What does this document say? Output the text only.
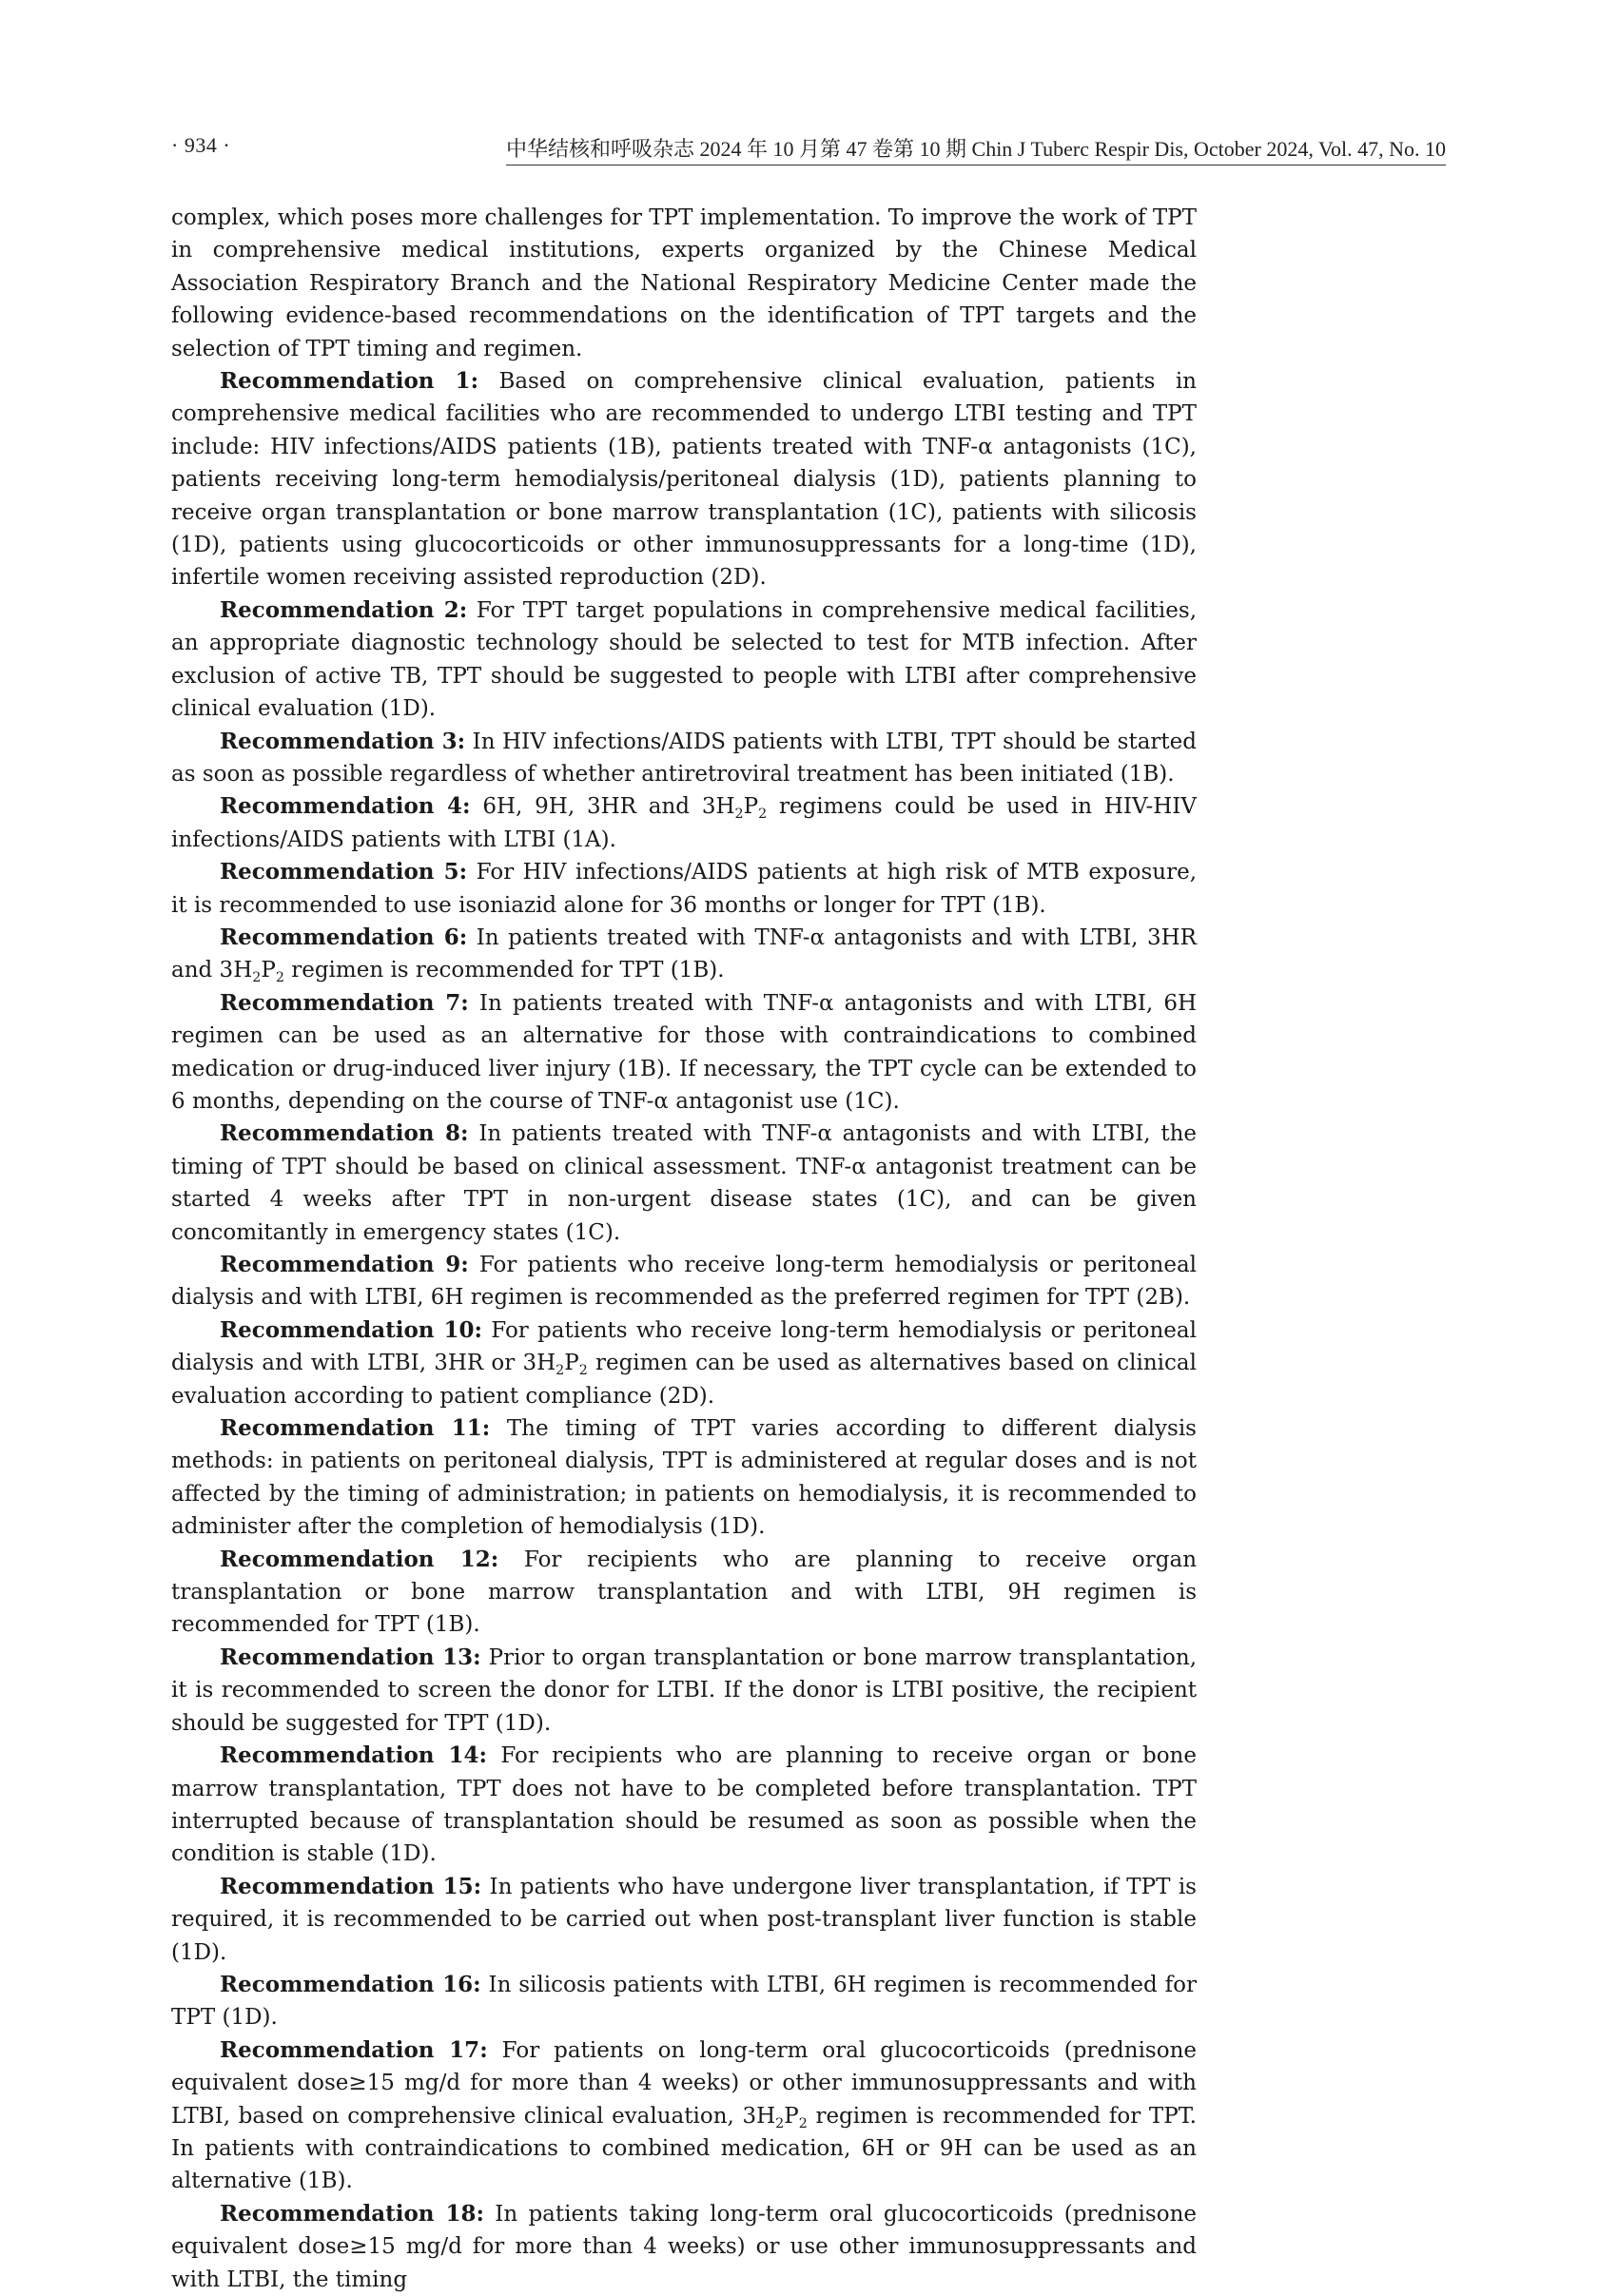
· 934 ·	中华结核和呼吸杂志 2024 年 10 月第 47 卷第 10 期 Chin J Tuberc Respir Dis, October 2024, Vol. 47, No. 10

complex, which poses more challenges for TPT implementation. To improve the work of TPT in comprehensive medical institutions, experts organized by the Chinese Medical Association Respiratory Branch and the National Respiratory Medicine Center made the following evidence-based recommendations on the identification of TPT targets and the selection of TPT timing and regimen.

Recommendation 1: Based on comprehensive clinical evaluation, patients in comprehensive medical facilities who are recommended to undergo LTBI testing and TPT include: HIV infections/AIDS patients (1B), patients treated with TNF-α antagonists (1C), patients receiving long-term hemodialysis/peritoneal dialysis (1D), patients planning to receive organ transplantation or bone marrow transplantation (1C), patients with silicosis (1D), patients using glucocorticoids or other immunosuppressants for a long-time (1D), infertile women receiving assisted reproduction (2D).

Recommendation 2: For TPT target populations in comprehensive medical facilities, an appropriate diagnostic technology should be selected to test for MTB infection. After exclusion of active TB, TPT should be suggested to people with LTBI after comprehensive clinical evaluation (1D).

Recommendation 3: In HIV infections/AIDS patients with LTBI, TPT should be started as soon as possible regardless of whether antiretroviral treatment has been initiated (1B).

Recommendation 4: 6H, 9H, 3HR and $3H_2P_2$ regimens could be used in HIV-HIV infections/AIDS patients with LTBI (1A).

Recommendation 5: For HIV infections/AIDS patients at high risk of MTB exposure, it is recommended to use isoniazid alone for 36 months or longer for TPT (1B).

Recommendation 6: In patients treated with TNF-α antagonists and with LTBI, 3HR and $3H_2P_2$ regimen is recommended for TPT (1B).

Recommendation 7: In patients treated with TNF-α antagonists and with LTBI, 6H regimen can be used as an alternative for those with contraindications to combined medication or drug-induced liver injury (1B). If necessary, the TPT cycle can be extended to 6 months, depending on the course of TNF-α antagonist use (1C).

Recommendation 8: In patients treated with TNF-α antagonists and with LTBI, the timing of TPT should be based on clinical assessment. TNF-α antagonist treatment can be started 4 weeks after TPT in non-urgent disease states (1C), and can be given concomitantly in emergency states (1C).

Recommendation 9: For patients who receive long-term hemodialysis or peritoneal dialysis and with LTBI, 6H regimen is recommended as the preferred regimen for TPT (2B).

Recommendation 10: For patients who receive long-term hemodialysis or peritoneal dialysis and with LTBI, 3HR or $3H_2P_2$ regimen can be used as alternatives based on clinical evaluation according to patient compliance (2D).

Recommendation 11: The timing of TPT varies according to different dialysis methods: in patients on peritoneal dialysis, TPT is administered at regular doses and is not affected by the timing of administration; in patients on hemodialysis, it is recommended to administer after the completion of hemodialysis (1D).

Recommendation 12: For recipients who are planning to receive organ transplantation or bone marrow transplantation and with LTBI, 9H regimen is recommended for TPT (1B).

Recommendation 13: Prior to organ transplantation or bone marrow transplantation, it is recommended to screen the donor for LTBI. If the donor is LTBI positive, the recipient should be suggested for TPT (1D).

Recommendation 14: For recipients who are planning to receive organ or bone marrow transplantation, TPT does not have to be completed before transplantation. TPT interrupted because of transplantation should be resumed as soon as possible when the condition is stable (1D).

Recommendation 15: In patients who have undergone liver transplantation, if TPT is required, it is recommended to be carried out when post-transplant liver function is stable (1D).

Recommendation 16: In silicosis patients with LTBI, 6H regimen is recommended for TPT (1D).

Recommendation 17: For patients on long-term oral glucocorticoids (prednisone equivalent dose≥15 mg/d for more than 4 weeks) or other immunosuppressants and with LTBI, based on comprehensive clinical evaluation, $3H_2P_2$ regimen is recommended for TPT. In patients with contraindications to combined medication, 6H or 9H can be used as an alternative (1B).

Recommendation 18: In patients taking long-term oral glucocorticoids (prednisone equivalent dose≥15 mg/d for more than 4 weeks) or use other immunosuppressants and with LTBI, the timing
